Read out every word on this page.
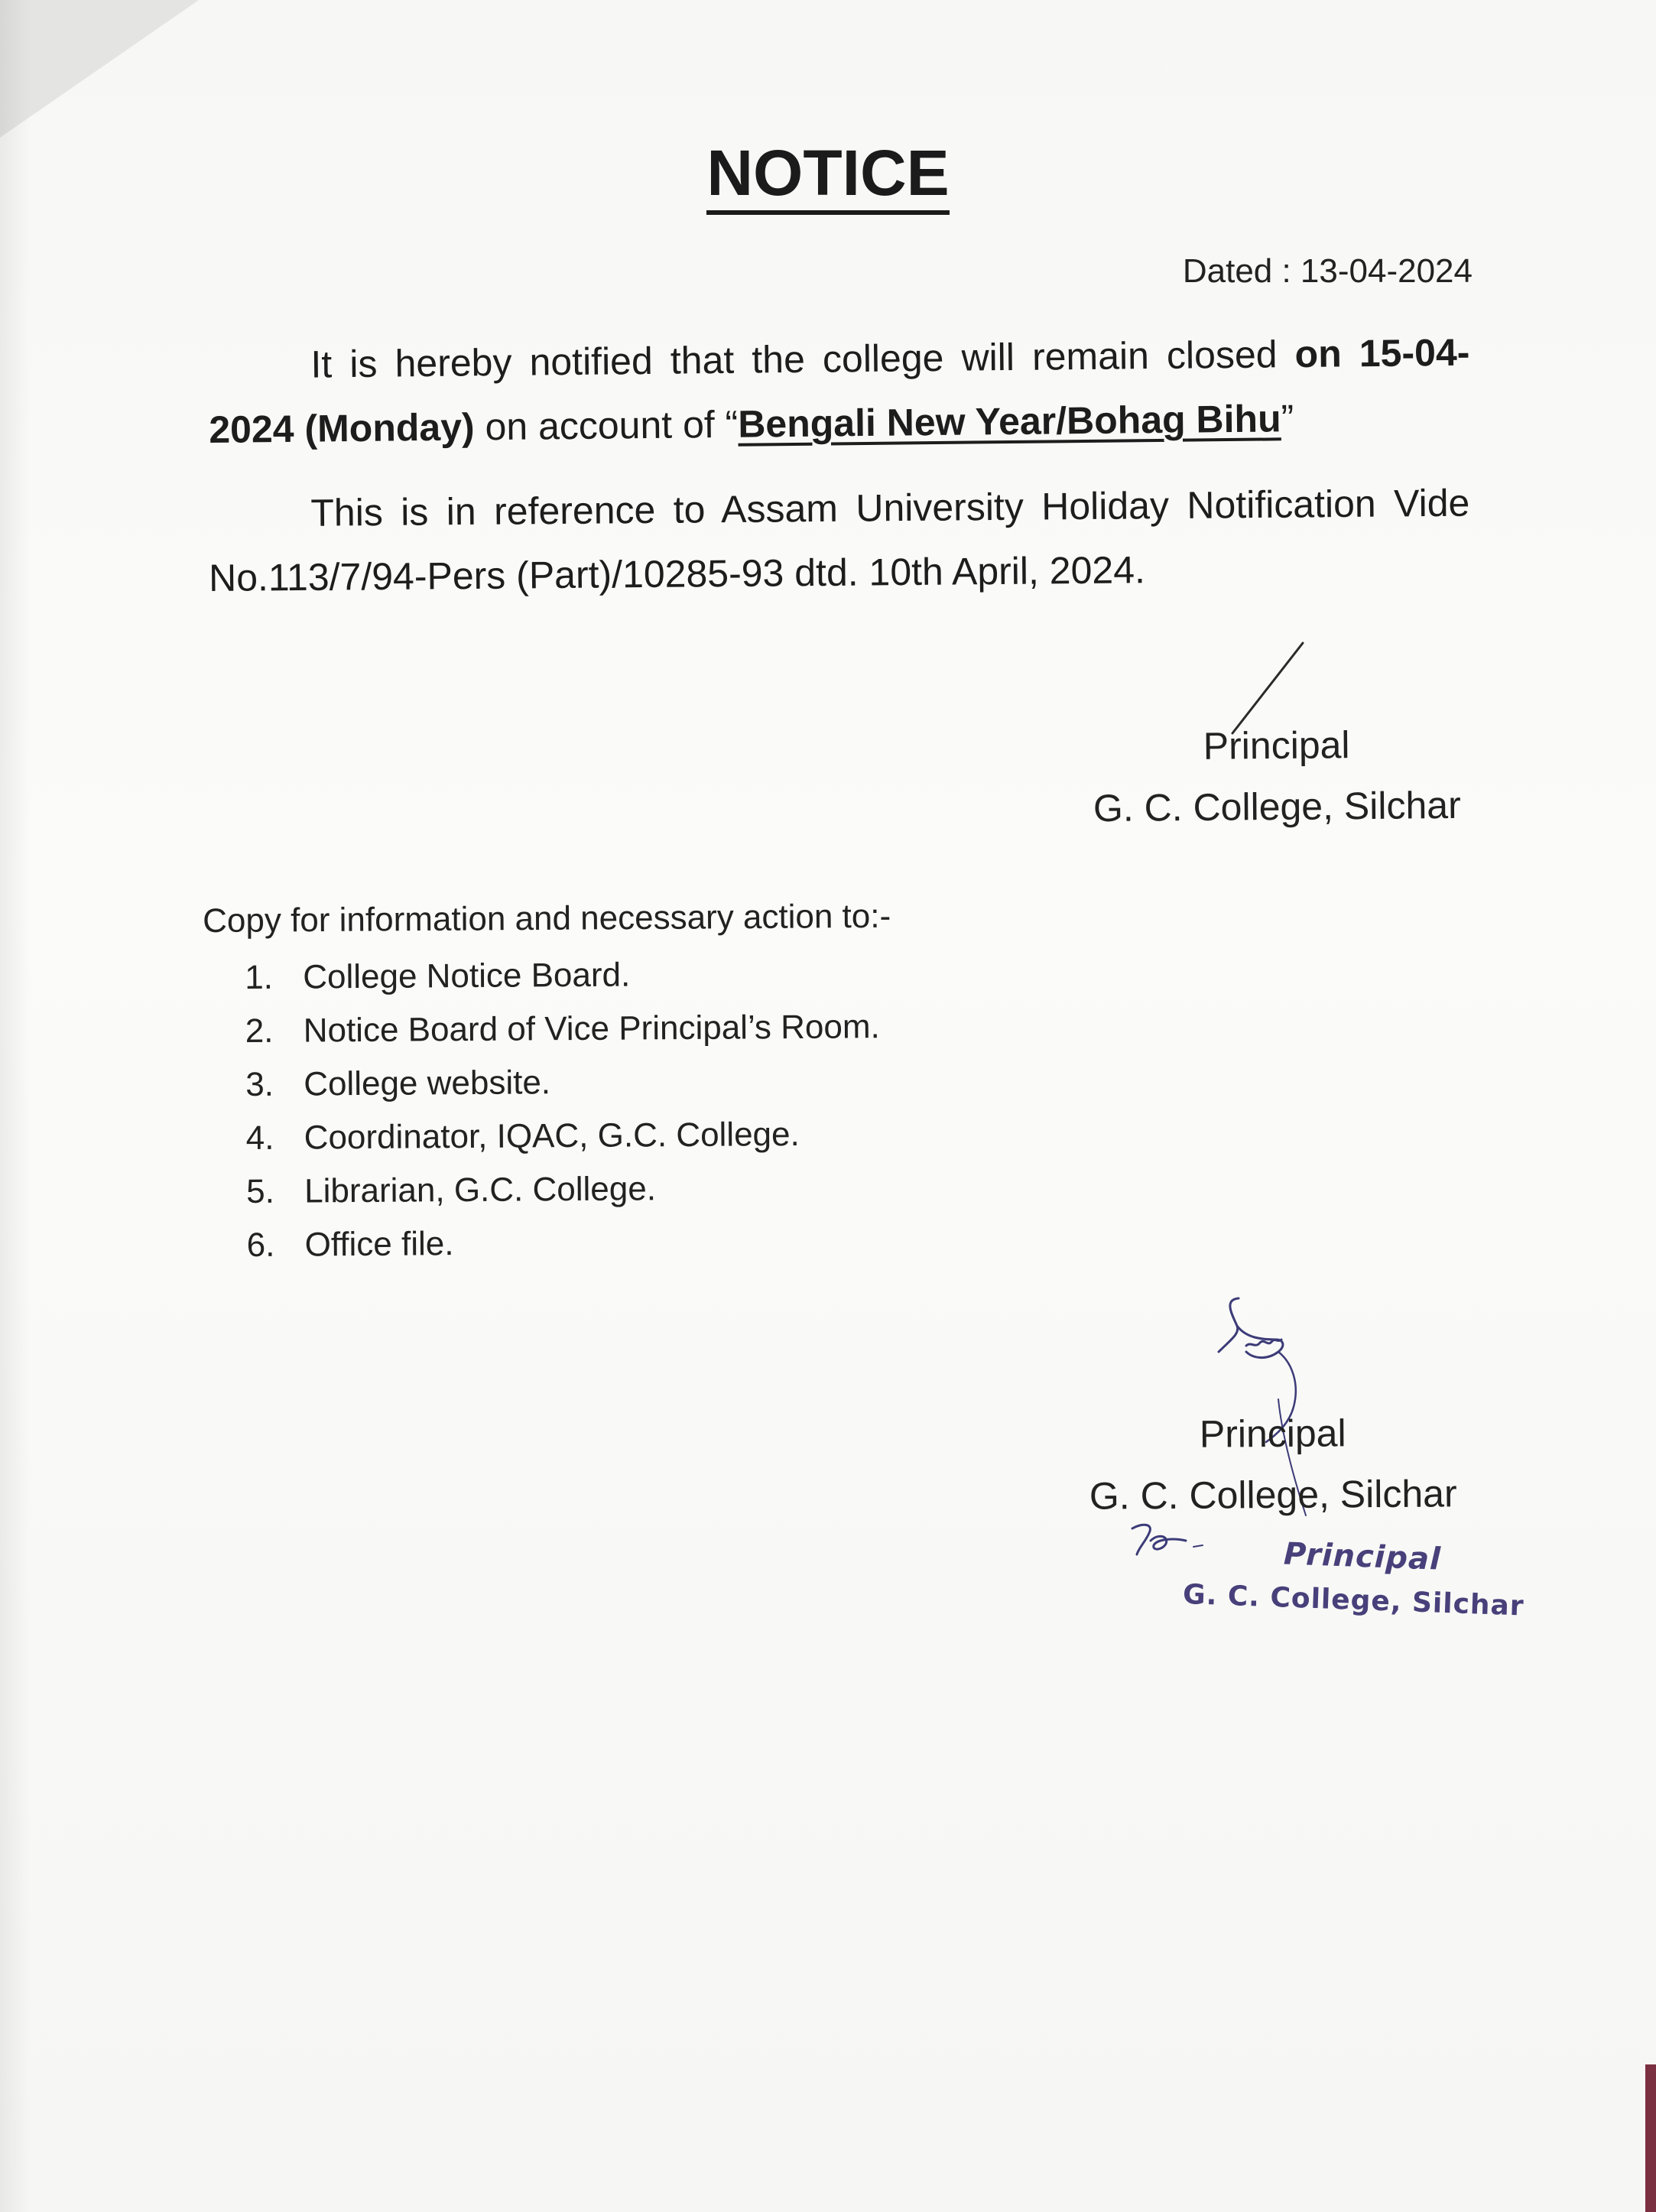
NOTICE
Dated : 13-04-2024
It is hereby notified that the college will remain closed on 15-04-2024 (Monday) on account of “Bengali New Year/Bohag Bihu”
This is in reference to Assam University Holiday Notification Vide No.113/7/94-Pers (Part)/10285-93 dtd. 10th April, 2024.
Principal
G. C. College, Silchar
Copy for information and necessary action to:-
1. College Notice Board.
2. Notice Board of Vice Principal’s Room.
3. College website.
4. Coordinator, IQAC, G.C. College.
5. Librarian, G.C. College.
6. Office file.
Principal
G. C. College, Silchar
Principal
G. C. College, Silchar
